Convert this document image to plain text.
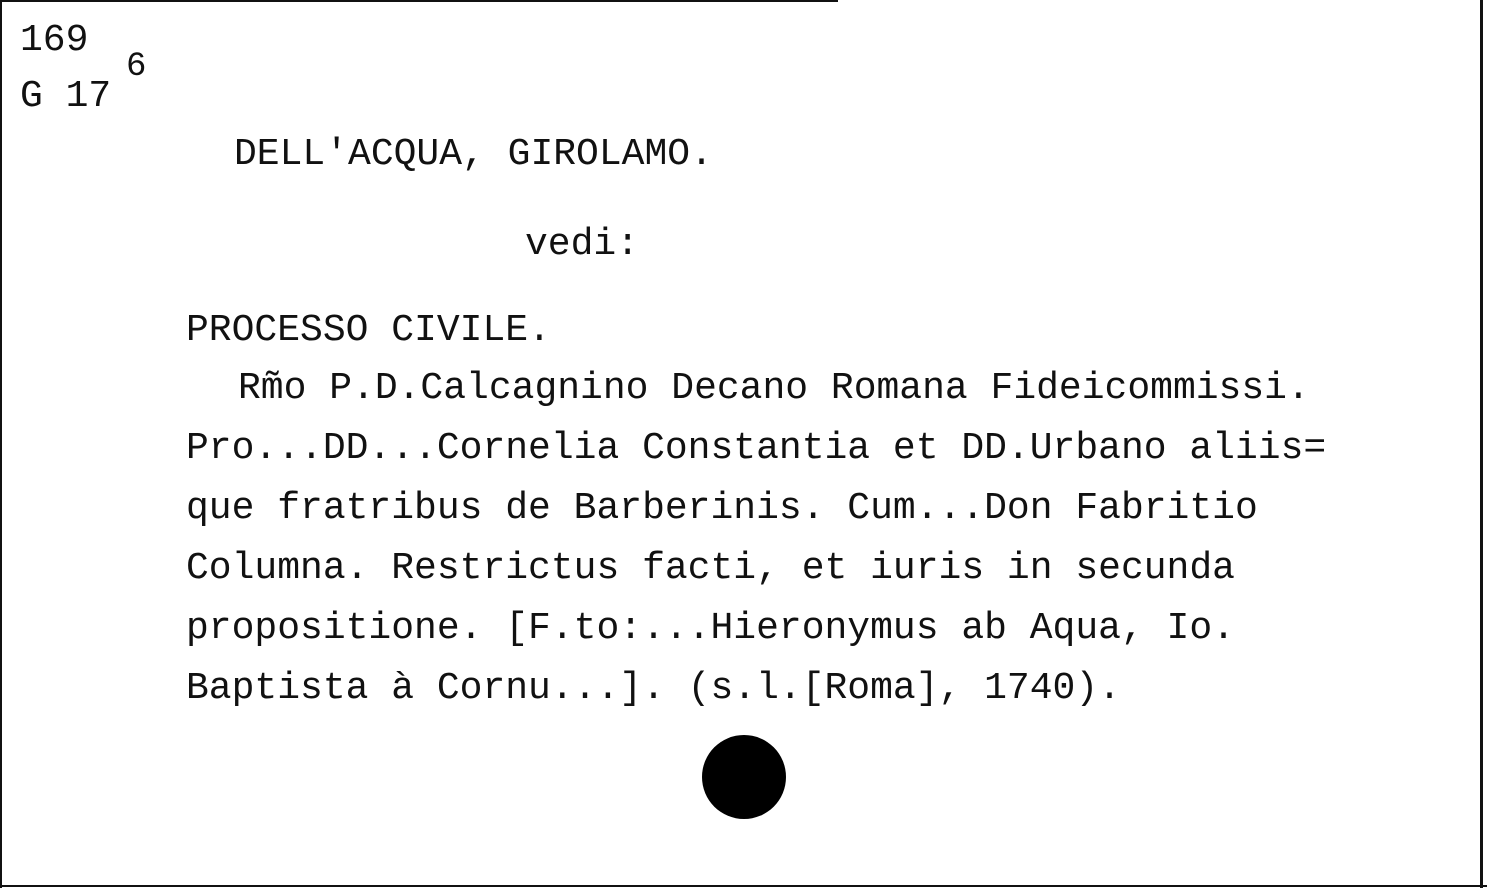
169
G 17
6
DELL'ACQUA, GIROLAMO.
vedi:
PROCESSO CIVILE.
Rm̃o P.D.Calcagnino Decano Romana Fideicommissi.
Pro...DD...Cornelia Constantia et DD.Urbano aliis=
que fratribus de Barberinis. Cum...Don Fabritio
Columna. Restrictus facti, et iuris in secunda
propositione. [F.to:...Hieronymus ab Aqua, Io.
Baptista à Cornu...]. (s.l.[Roma], 1740).
